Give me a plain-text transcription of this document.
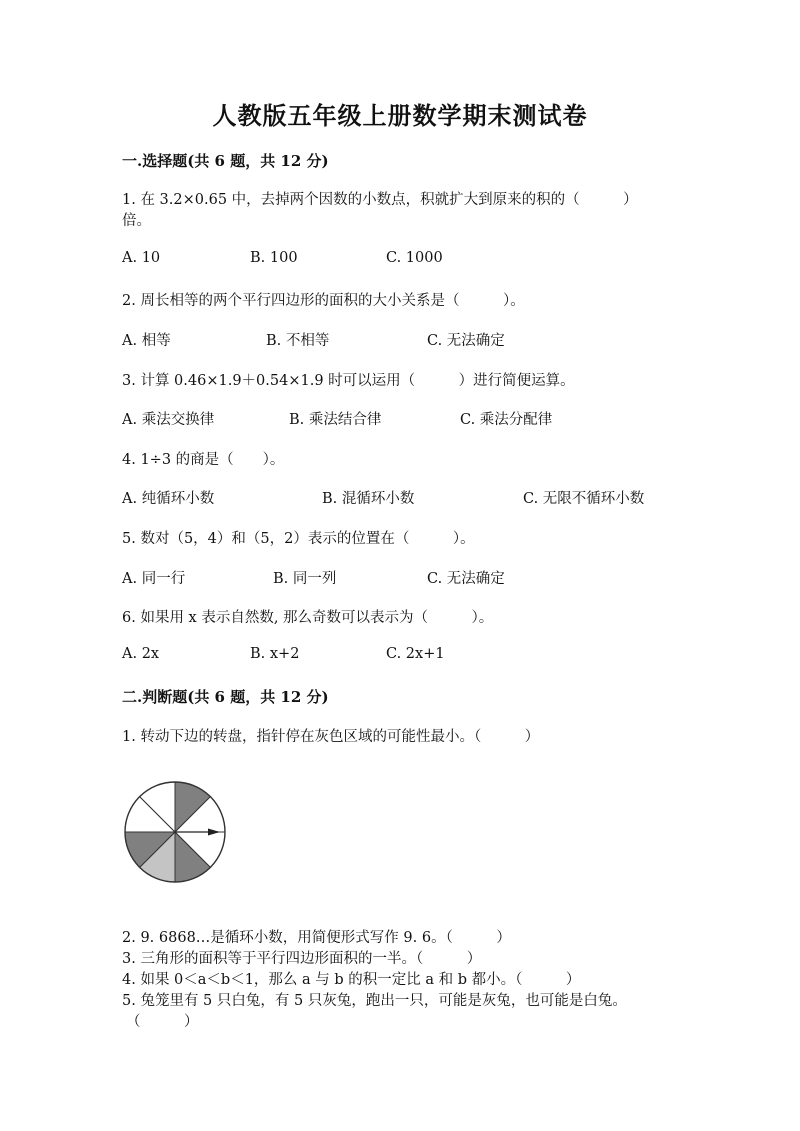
人教版五年级上册数学期末测试卷
一.选择题(共 6 题，共 12 分)
1. 在 3.2×0.65 中，去掉两个因数的小数点，积就扩大到原来的积的（　　　）
倍。
A. 10	B. 100	C. 1000
2. 周长相等的两个平行四边形的面积的大小关系是（　　　）。
A. 相等	B. 不相等	C. 无法确定
3. 计算 0.46×1.9＋0.54×1.9 时可以运用（　　　）进行简便运算。
A. 乘法交换律	B. 乘法结合律	C. 乘法分配律
4. 1÷3 的商是（　　）。
A. 纯循环小数	B. 混循环小数	C. 无限不循环小数
5. 数对（5，4）和（5，2）表示的位置在（　　　）。
A. 同一行	B. 同一列	C. 无法确定
6. 如果用 x 表示自然数, 那么奇数可以表示为（　　　）。
A. 2x	B. x+2	C. 2x+1
二.判断题(共 6 题，共 12 分)
1. 转动下边的转盘，指针停在灰色区域的可能性最小。（　　　）
2. 9. 6868…是循环小数，用简便形式写作 9. 6。（　　　）
3. 三角形的面积等于平行四边形面积的一半。（　　　）
4. 如果 0＜a＜b＜1，那么 a 与 b 的积一定比 a 和 b 都小。（　　　）
5. 兔笼里有 5 只白兔，有 5 只灰兔，跑出一只，可能是灰兔，也可能是白兔。
（　　　）
